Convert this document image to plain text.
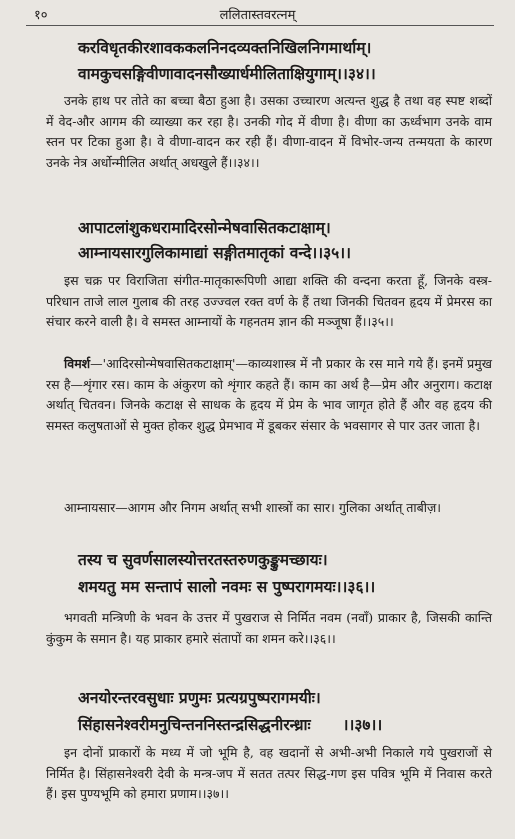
१०	ललितास्तवरत्नम्
करविधृतकीरशावककलनिनदव्यक्तनिखिलनिगमार्थाम्।
वामकुचसङ्गिवीणावादनसौख्यार्धमीलिताक्षियुगाम्।।३४।।
उनके हाथ पर तोते का बच्चा बैठा हुआ है। उसका उच्चारण अत्यन्त शुद्ध है तथा वह स्पष्ट शब्दों में वेद-और आगम की व्याख्या कर रहा है। उनकी गोद में वीणा है। वीणा का ऊर्ध्वभाग उनके वाम स्तन पर टिका हुआ है। वे वीणा-वादन कर रही हैं। वीणा-वादन में विभोर-जन्य तन्मयता के कारण उनके नेत्र अर्धोन्मीलित अर्थात् अधखुले हैं।।३४।।
आपाटलांशुकधरामादिरसोन्मेषवासितकटाक्षाम्।
आम्नायसारगुलिकामाद्यां सङ्गीतमातृकां वन्दे।।३५।।
इस चक्र पर विराजिता संगीत-मातृकारूपिणी आद्या शक्ति की वन्दना करता हूँ, जिनके वस्त्र-परिधान ताजे लाल गुलाब की तरह उज्ज्वल रक्त वर्ण के हैं तथा जिनकी चितवन हृदय में प्रेमरस का संचार करने वाली है। वे समस्त आम्नायों के गहनतम ज्ञान की मञ्जूषा हैं।।३५।।
विमर्श—'आदिरसोन्मेषवासितकटाक्षाम्'—काव्यशास्त्र में नौ प्रकार के रस माने गये हैं। इनमें प्रमुख रस है—शृंगार रस। काम के अंकुरण को शृंगार कहते हैं। काम का अर्थ है—प्रेम और अनुराग। कटाक्ष अर्थात् चितवन। जिनके कटाक्ष से साधक के हृदय में प्रेम के भाव जागृत होते हैं और वह हृदय की समस्त कलुषताओं से मुक्त होकर शुद्ध प्रेमभाव में डूबकर संसार के भवसागर से पार उतर जाता है।
आम्नायसार—आगम और निगम अर्थात् सभी शास्त्रों का सार। गुलिका अर्थात् ताबीज़।
तस्य च सुवर्णसालस्योत्तरतस्तरुणकुङ्कुमच्छायः।
शमयतु मम सन्तापं सालो नवमः स पुष्परागमयः।।३६।।
भगवती मन्त्रिणी के भवन के उत्तर में पुखराज से निर्मित नवम (नवाँ) प्राकार है, जिसकी कान्ति कुंकुम के समान है। यह प्राकार हमारे संतापों का शमन करे।।३६।।
अनयोरन्तरवसुधाः प्रणुमः प्रत्यग्रपुष्परागमयीः।
सिंहासनेश्वरीमनुचिन्तननिस्तन्द्रसिद्धनीरन्ध्राः ।।३७।।
इन दोनों प्राकारों के मध्य में जो भूमि है, वह खदानों से अभी-अभी निकाले गये पुखराजों से निर्मित है। सिंहासनेश्वरी देवी के मन्त्र-जप में सतत तत्पर सिद्ध-गण इस पवित्र भूमि में निवास करते हैं। इस पुण्यभूमि को हमारा प्रणाम।।३७।।
